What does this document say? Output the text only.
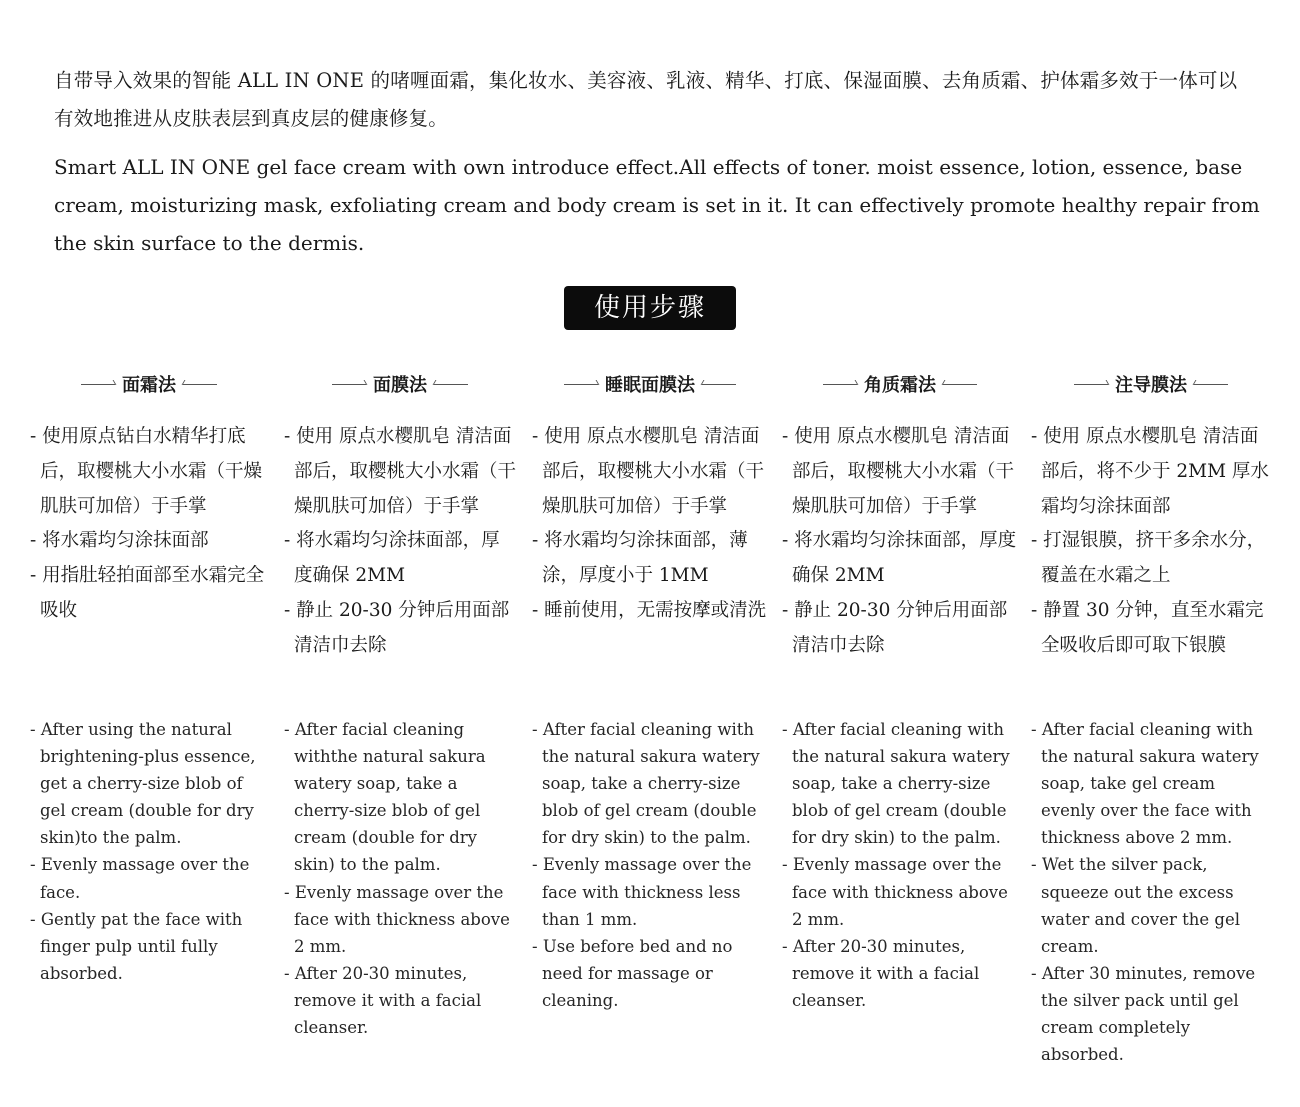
自带导入效果的智能 ALL IN ONE 的啫喱面霜，集化妆水、美容液、乳液、精华、打底、保湿面膜、去角质霜、护体霜多效于一体可以有效地推进从皮肤表层到真皮层的健康修复。
Smart ALL IN ONE gel face cream with own introduce effect.All effects of toner. moist essence, lotion, essence, base cream, moisturizing mask, exfoliating cream and body cream is set in it. It can effectively promote healthy repair from the skin surface to the dermis.
使用步骤
面霜法
- 使用原点钻白水精华打底后，取樱桃大小水霜（干燥肌肤可加倍）于手掌
- 将水霜均匀涂抹面部
- 用指肚轻拍面部至水霜完全吸收
- After using the natural brightening-plus essence, get a cherry-size blob of gel cream (double for dry skin)to the palm.
- Evenly massage over the face.
- Gently pat the face with finger pulp until fully absorbed.
面膜法
- 使用 原点水樱肌皂 清洁面部后，取樱桃大小水霜（干燥肌肤可加倍）于手掌
- 将水霜均匀涂抹面部，厚度确保 2MM
- 静止 20-30 分钟后用面部清洁巾去除
- After facial cleaning withthe natural sakura watery soap, take a cherry-size blob of gel cream (double for dry skin) to the palm.
- Evenly massage over the face with thickness above 2 mm.
- After 20-30 minutes, remove it with a facial cleanser.
睡眠面膜法
- 使用 原点水樱肌皂 清洁面部后，取樱桃大小水霜（干燥肌肤可加倍）于手掌
- 将水霜均匀涂抹面部，薄涂，厚度小于 1MM
- 睡前使用，无需按摩或清洗
- After facial cleaning with the natural sakura watery soap, take a cherry-size blob of gel cream (double for dry skin) to the palm.
- Evenly massage over the face with thickness less than 1 mm.
- Use before bed and no need for massage or cleaning.
角质霜法
- 使用 原点水樱肌皂 清洁面部后，取樱桃大小水霜（干燥肌肤可加倍）于手掌
- 将水霜均匀涂抹面部，厚度确保 2MM
- 静止 20-30 分钟后用面部清洁巾去除
- After facial cleaning with the natural sakura watery soap, take a cherry-size blob of gel cream (double for dry skin) to the palm.
- Evenly massage over the face with thickness above 2 mm.
- After 20-30 minutes, remove it with a facial cleanser.
注导膜法
- 使用 原点水樱肌皂 清洁面部后，将不少于 2MM 厚水霜均匀涂抹面部
- 打湿银膜，挤干多余水分，覆盖在水霜之上
- 静置 30 分钟，直至水霜完全吸收后即可取下银膜
- After facial cleaning with the natural sakura watery soap, take gel cream evenly over the face with thickness above 2 mm.
- Wet the silver pack, squeeze out the excess water and cover the gel cream.
- After 30 minutes, remove the silver pack until gel cream completely absorbed.
